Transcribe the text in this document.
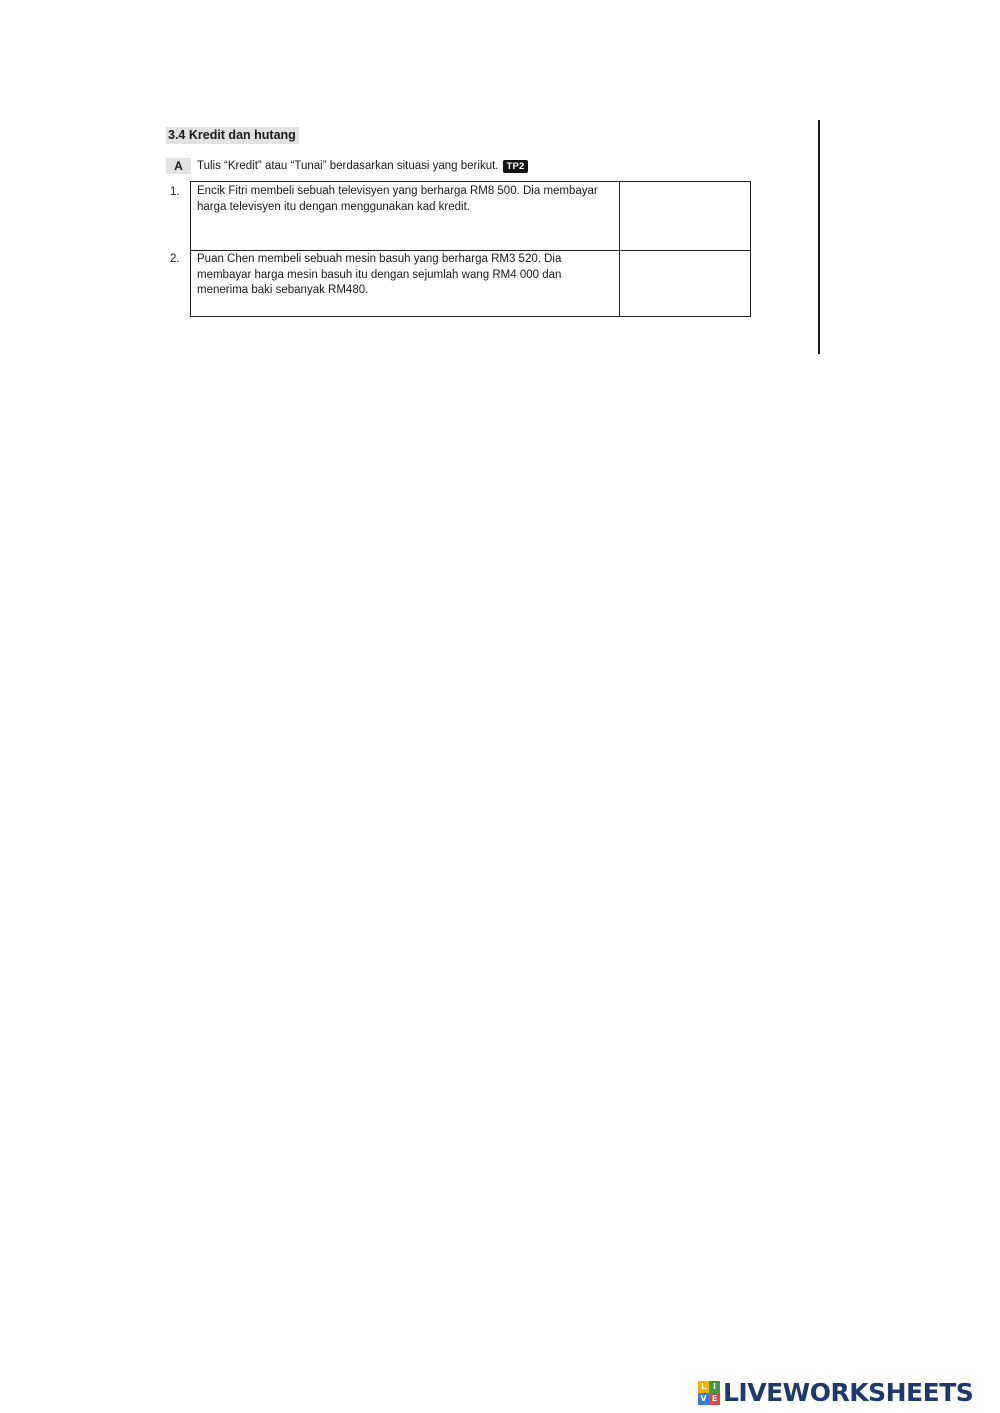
3.4 Kredit dan hutang
A	Tulis “Kredit” atau “Tunai” berdasarkan situasi yang berikut. TP2
1.
2.
Encik Fitri membeli sebuah televisyen yang berharga RM8 500. Dia membayar harga televisyen itu dengan menggunakan kad kredit.
Puan Chen membeli sebuah mesin basuh yang berharga RM3 520. Dia membayar harga mesin basuh itu dengan sejumlah wang RM4 000 dan menerima baki sebanyak RM480.
L I
V E LIVEWORKSHEETS
